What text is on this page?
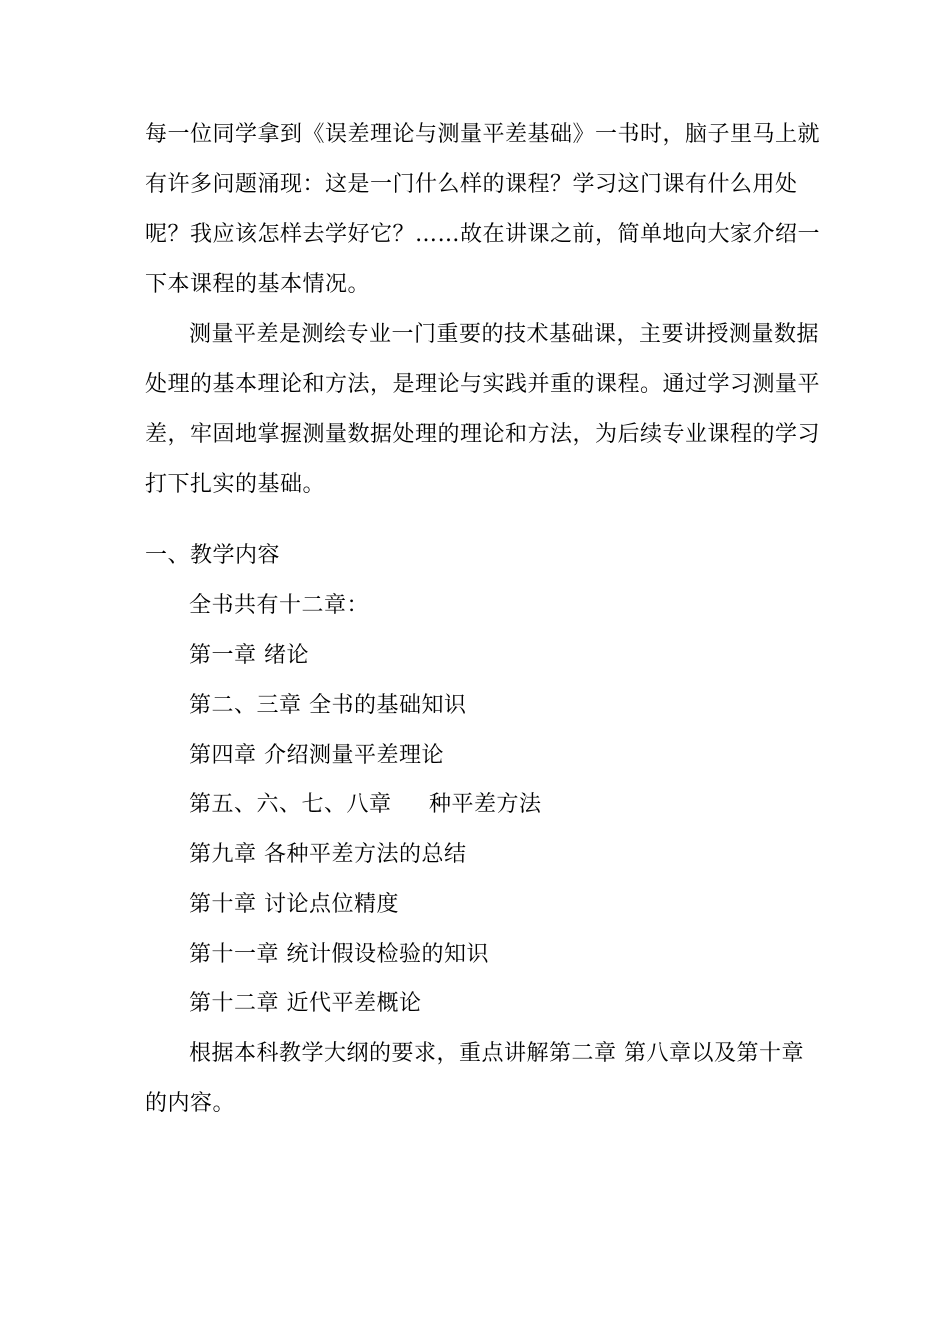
每一位同学拿到《误差理论与测量平差基础》一书时，脑子里马上就
有许多问题涌现：这是一门什么样的课程？学习这门课有什么用处
呢？我应该怎样去学好它？……故在讲课之前，简单地向大家介绍一
下本课程的基本情况。
测量平差是测绘专业一门重要的技术基础课，主要讲授测量数据
处理的基本理论和方法，是理论与实践并重的课程。通过学习测量平
差，牢固地掌握测量数据处理的理论和方法，为后续专业课程的学习
打下扎实的基础。
一、教学内容
全书共有十二章：
第一章 绪论
第二、三章 全书的基础知识
第四章 介绍测量平差理论
第五、六、七、八章     种平差方法
第九章 各种平差方法的总结
第十章 讨论点位精度
第十一章 统计假设检验的知识
第十二章 近代平差概论
根据本科教学大纲的要求，重点讲解第二章 第八章以及第十章
的内容。
